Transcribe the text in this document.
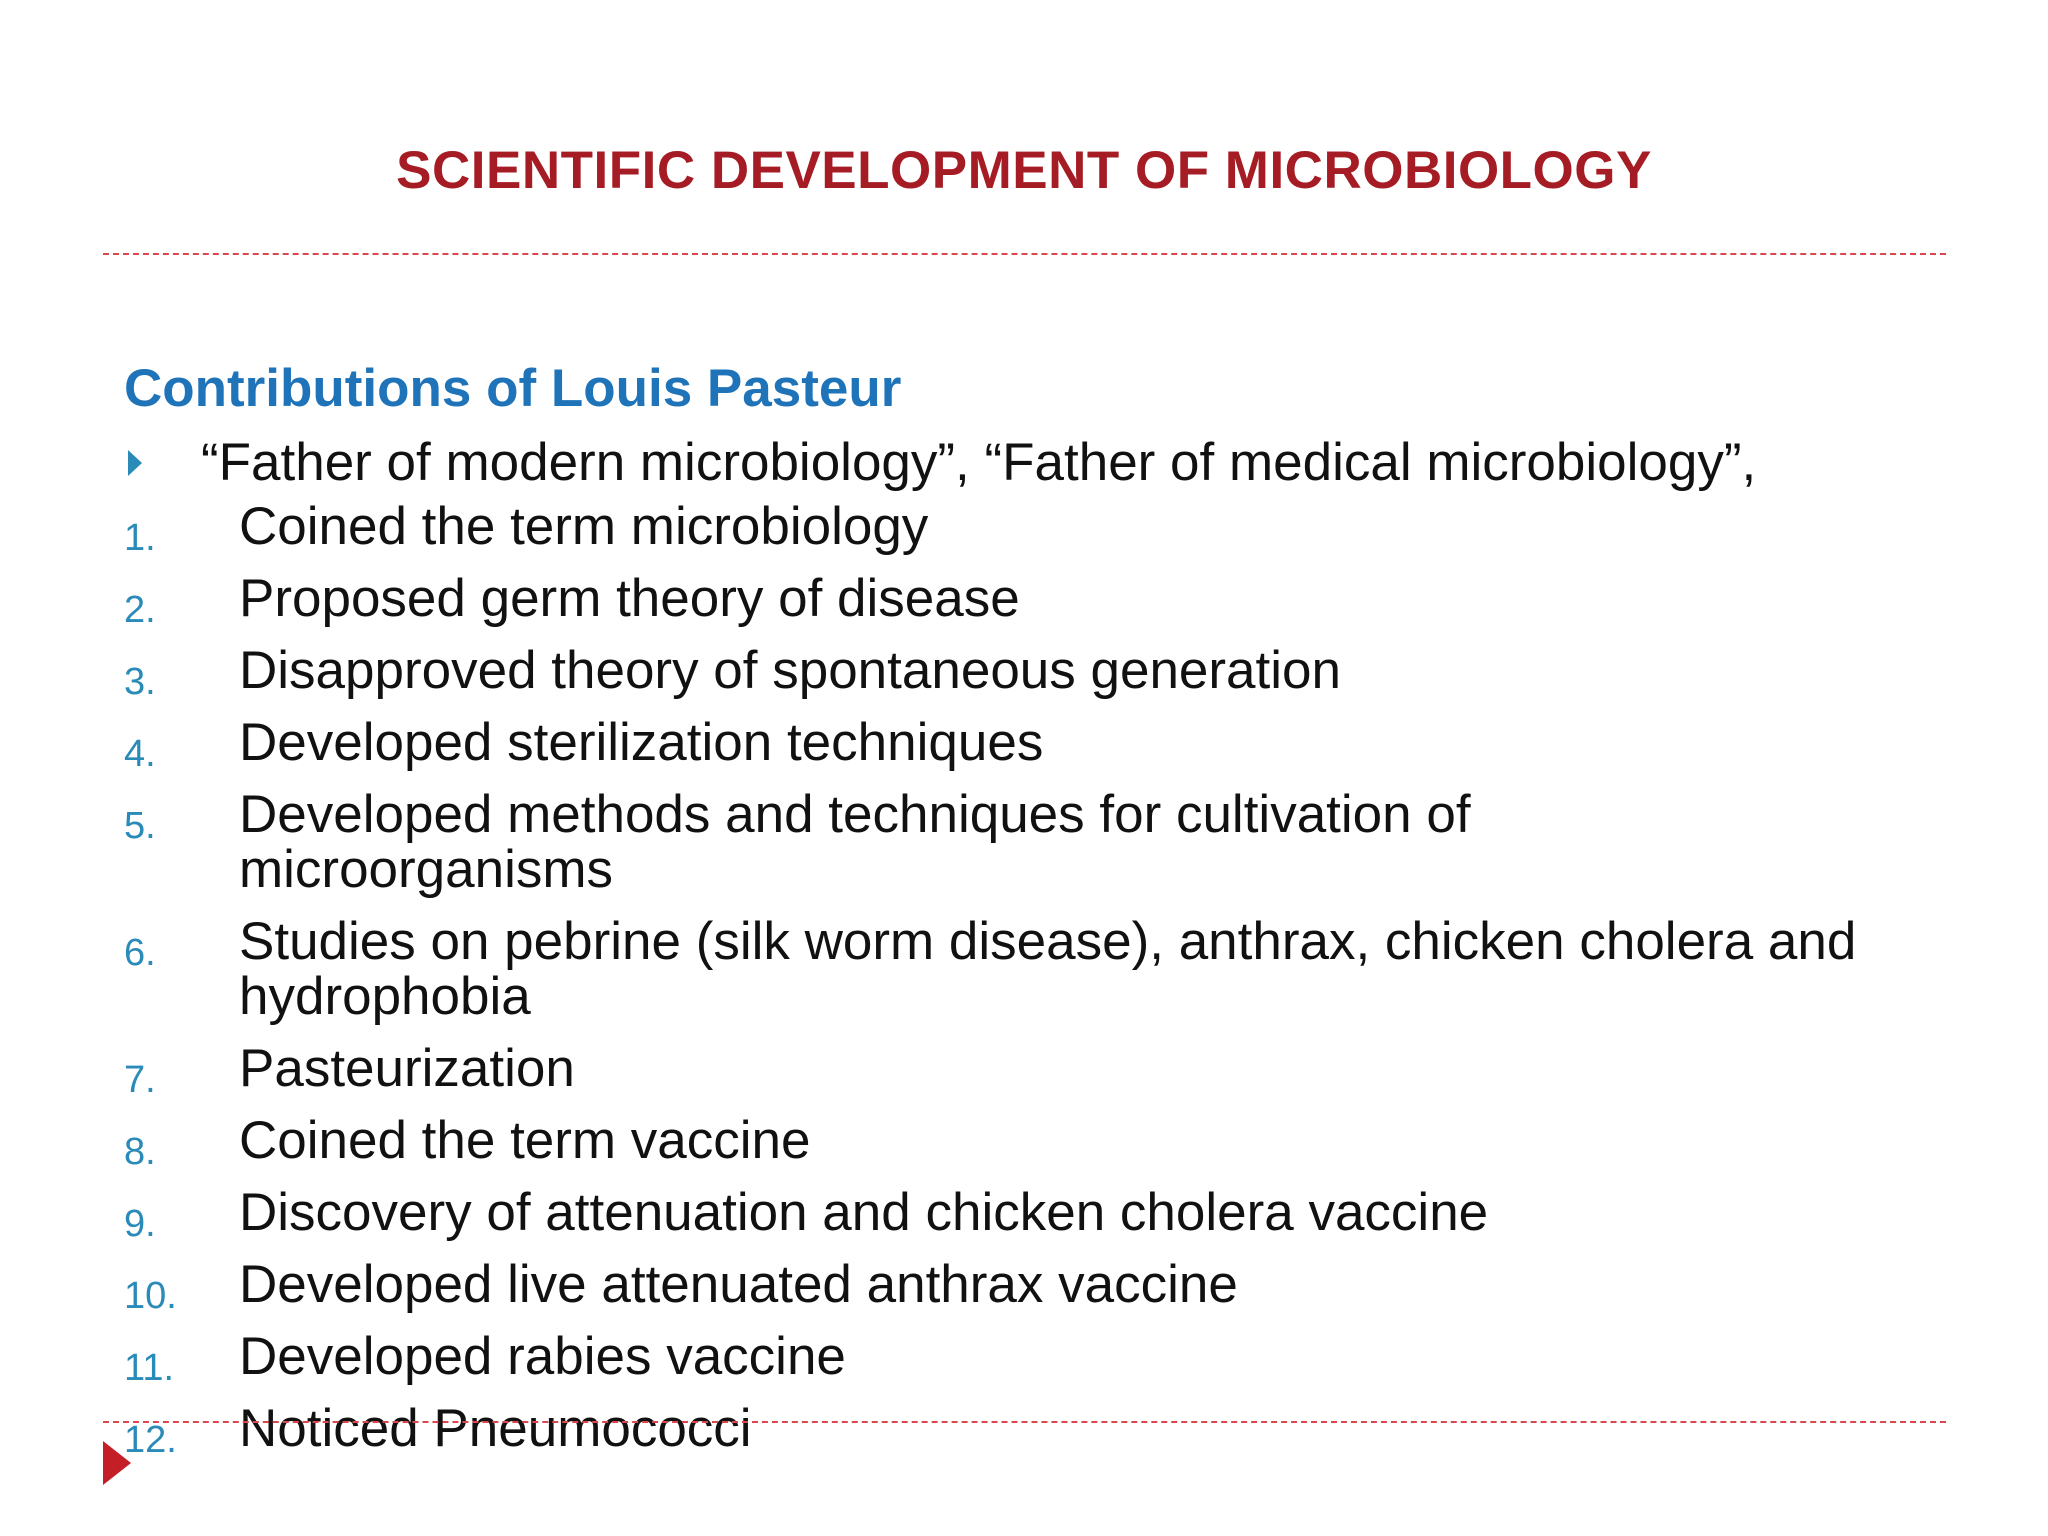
SCIENTIFIC DEVELOPMENT OF MICROBIOLOGY
Contributions of Louis Pasteur
“Father of modern microbiology”, “Father of medical microbiology”,
1. Coined the term microbiology
2. Proposed germ theory of disease
3. Disapproved theory of spontaneous generation
4. Developed sterilization techniques
5. Developed methods and techniques for cultivation of microorganisms
6. Studies on pebrine (silk worm disease), anthrax, chicken cholera and hydrophobia
7. Pasteurization
8. Coined the term vaccine
9. Discovery of attenuation and chicken cholera vaccine
10. Developed live attenuated anthrax vaccine
11. Developed rabies vaccine
12. Noticed Pneumococci
